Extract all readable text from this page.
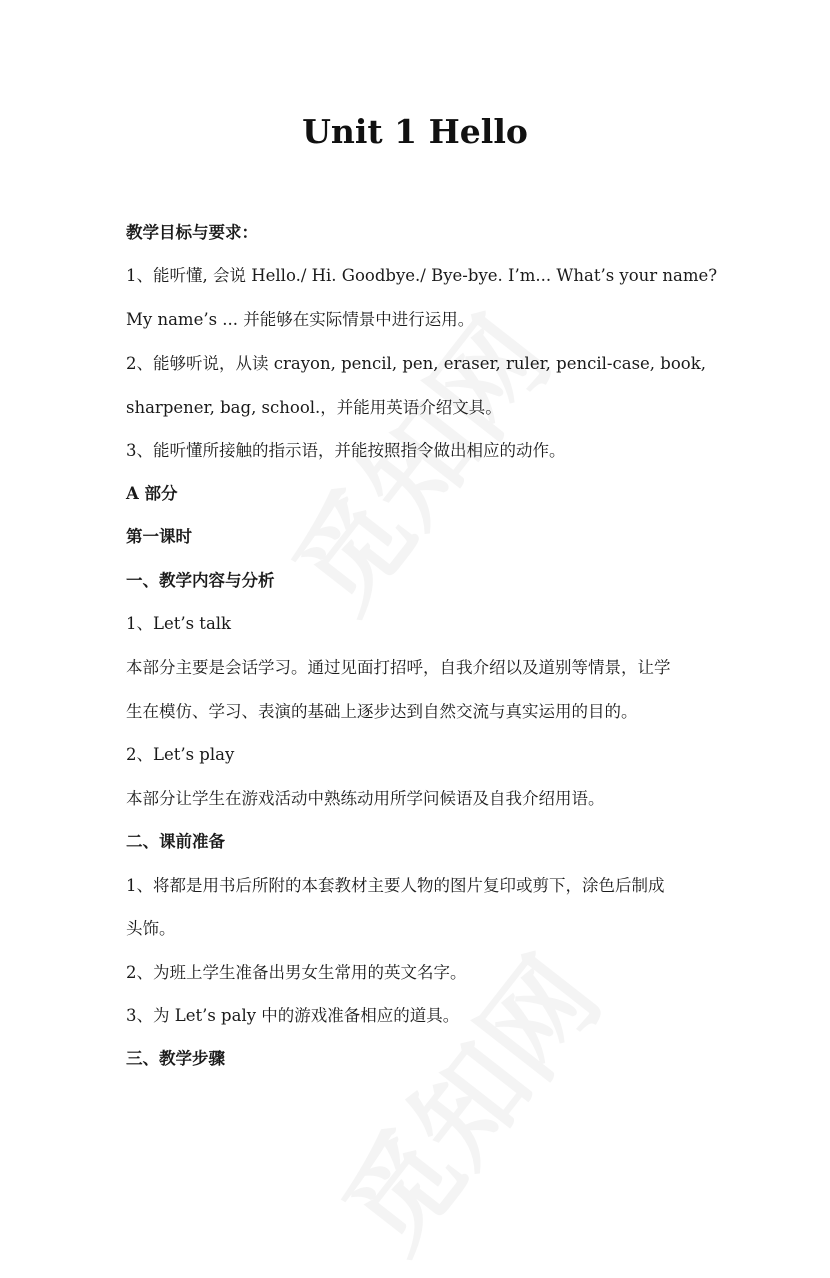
Unit 1 Hello
教学目标与要求：
1、能听懂, 会说 Hello./ Hi. Goodbye./ Bye-bye. I’m... What’s your name?
My name’s ... 并能够在实际情景中进行运用。
2、能够听说，从读 crayon, pencil, pen, eraser, ruler, pencil-case, book,
sharpener, bag, school.，并能用英语介绍文具。
3、能听懂所接触的指示语，并能按照指令做出相应的动作。
A 部分
第一课时
一、教学内容与分析
1、Let’s talk
本部分主要是会话学习。通过见面打招呼，自我介绍以及道别等情景，让学
生在模仿、学习、表演的基础上逐步达到自然交流与真实运用的目的。
2、Let’s play
本部分让学生在游戏活动中熟练动用所学问候语及自我介绍用语。
二、课前准备
1、将都是用书后所附的本套教材主要人物的图片复印或剪下，涂色后制成
头饰。
2、为班上学生准备出男女生常用的英文名字。
3、为 Let’s paly 中的游戏准备相应的道具。
三、教学步骤
